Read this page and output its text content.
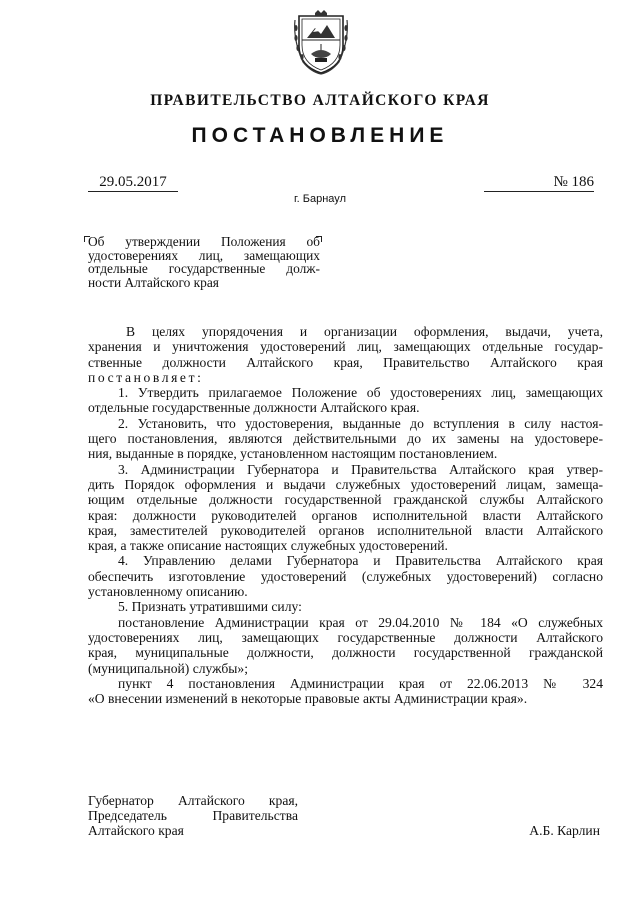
ПРАВИТЕЛЬСТВО АЛТАЙСКОГО КРАЯ
ПОСТАНОВЛЕНИЕ
29.05.2017	№ 186
г. Барнаул
Об утверждении Положения об
удостоверениях лиц, замещающих
отдельные государственные долж-
ности Алтайского края
В целях упорядочения и организации оформления, выдачи, учета,
хранения и уничтожения удостоверений лиц, замещающих отдельные государ-
ственные должности Алтайского края, Правительство Алтайского края
постановляет:
1. Утвердить прилагаемое Положение об удостоверениях лиц, замещающих
отдельные государственные должности Алтайского края.
2. Установить, что удостоверения, выданные до вступления в силу настоя-
щего постановления, являются действительными до их замены на удостовере-
ния, выданные в порядке, установленном настоящим постановлением.
3. Администрации Губернатора и Правительства Алтайского края утвер-
дить Порядок оформления и выдачи служебных удостоверений лицам, замеща-
ющим отдельные должности государственной гражданской службы Алтайского
края: должности руководителей органов исполнительной власти Алтайского
края, заместителей руководителей органов исполнительной власти Алтайского
края, а также описание настоящих служебных удостоверений.
4. Управлению делами Губернатора и Правительства Алтайского края
обеспечить изготовление удостоверений (служебных удостоверений) согласно
установленному описанию.
5. Признать утратившими силу:
постановление Администрации края от 29.04.2010 № 184 «О служебных
удостоверениях лиц, замещающих государственные должности Алтайского
края, муниципальные должности, должности государственной гражданской
(муниципальной) службы»;
пункт 4 постановления Администрации края от 22.06.2013 № 324
«О внесении изменений в некоторые правовые акты Администрации края».
Губернатор Алтайского края,
Председатель Правительства
Алтайского края	А.Б. Карлин
